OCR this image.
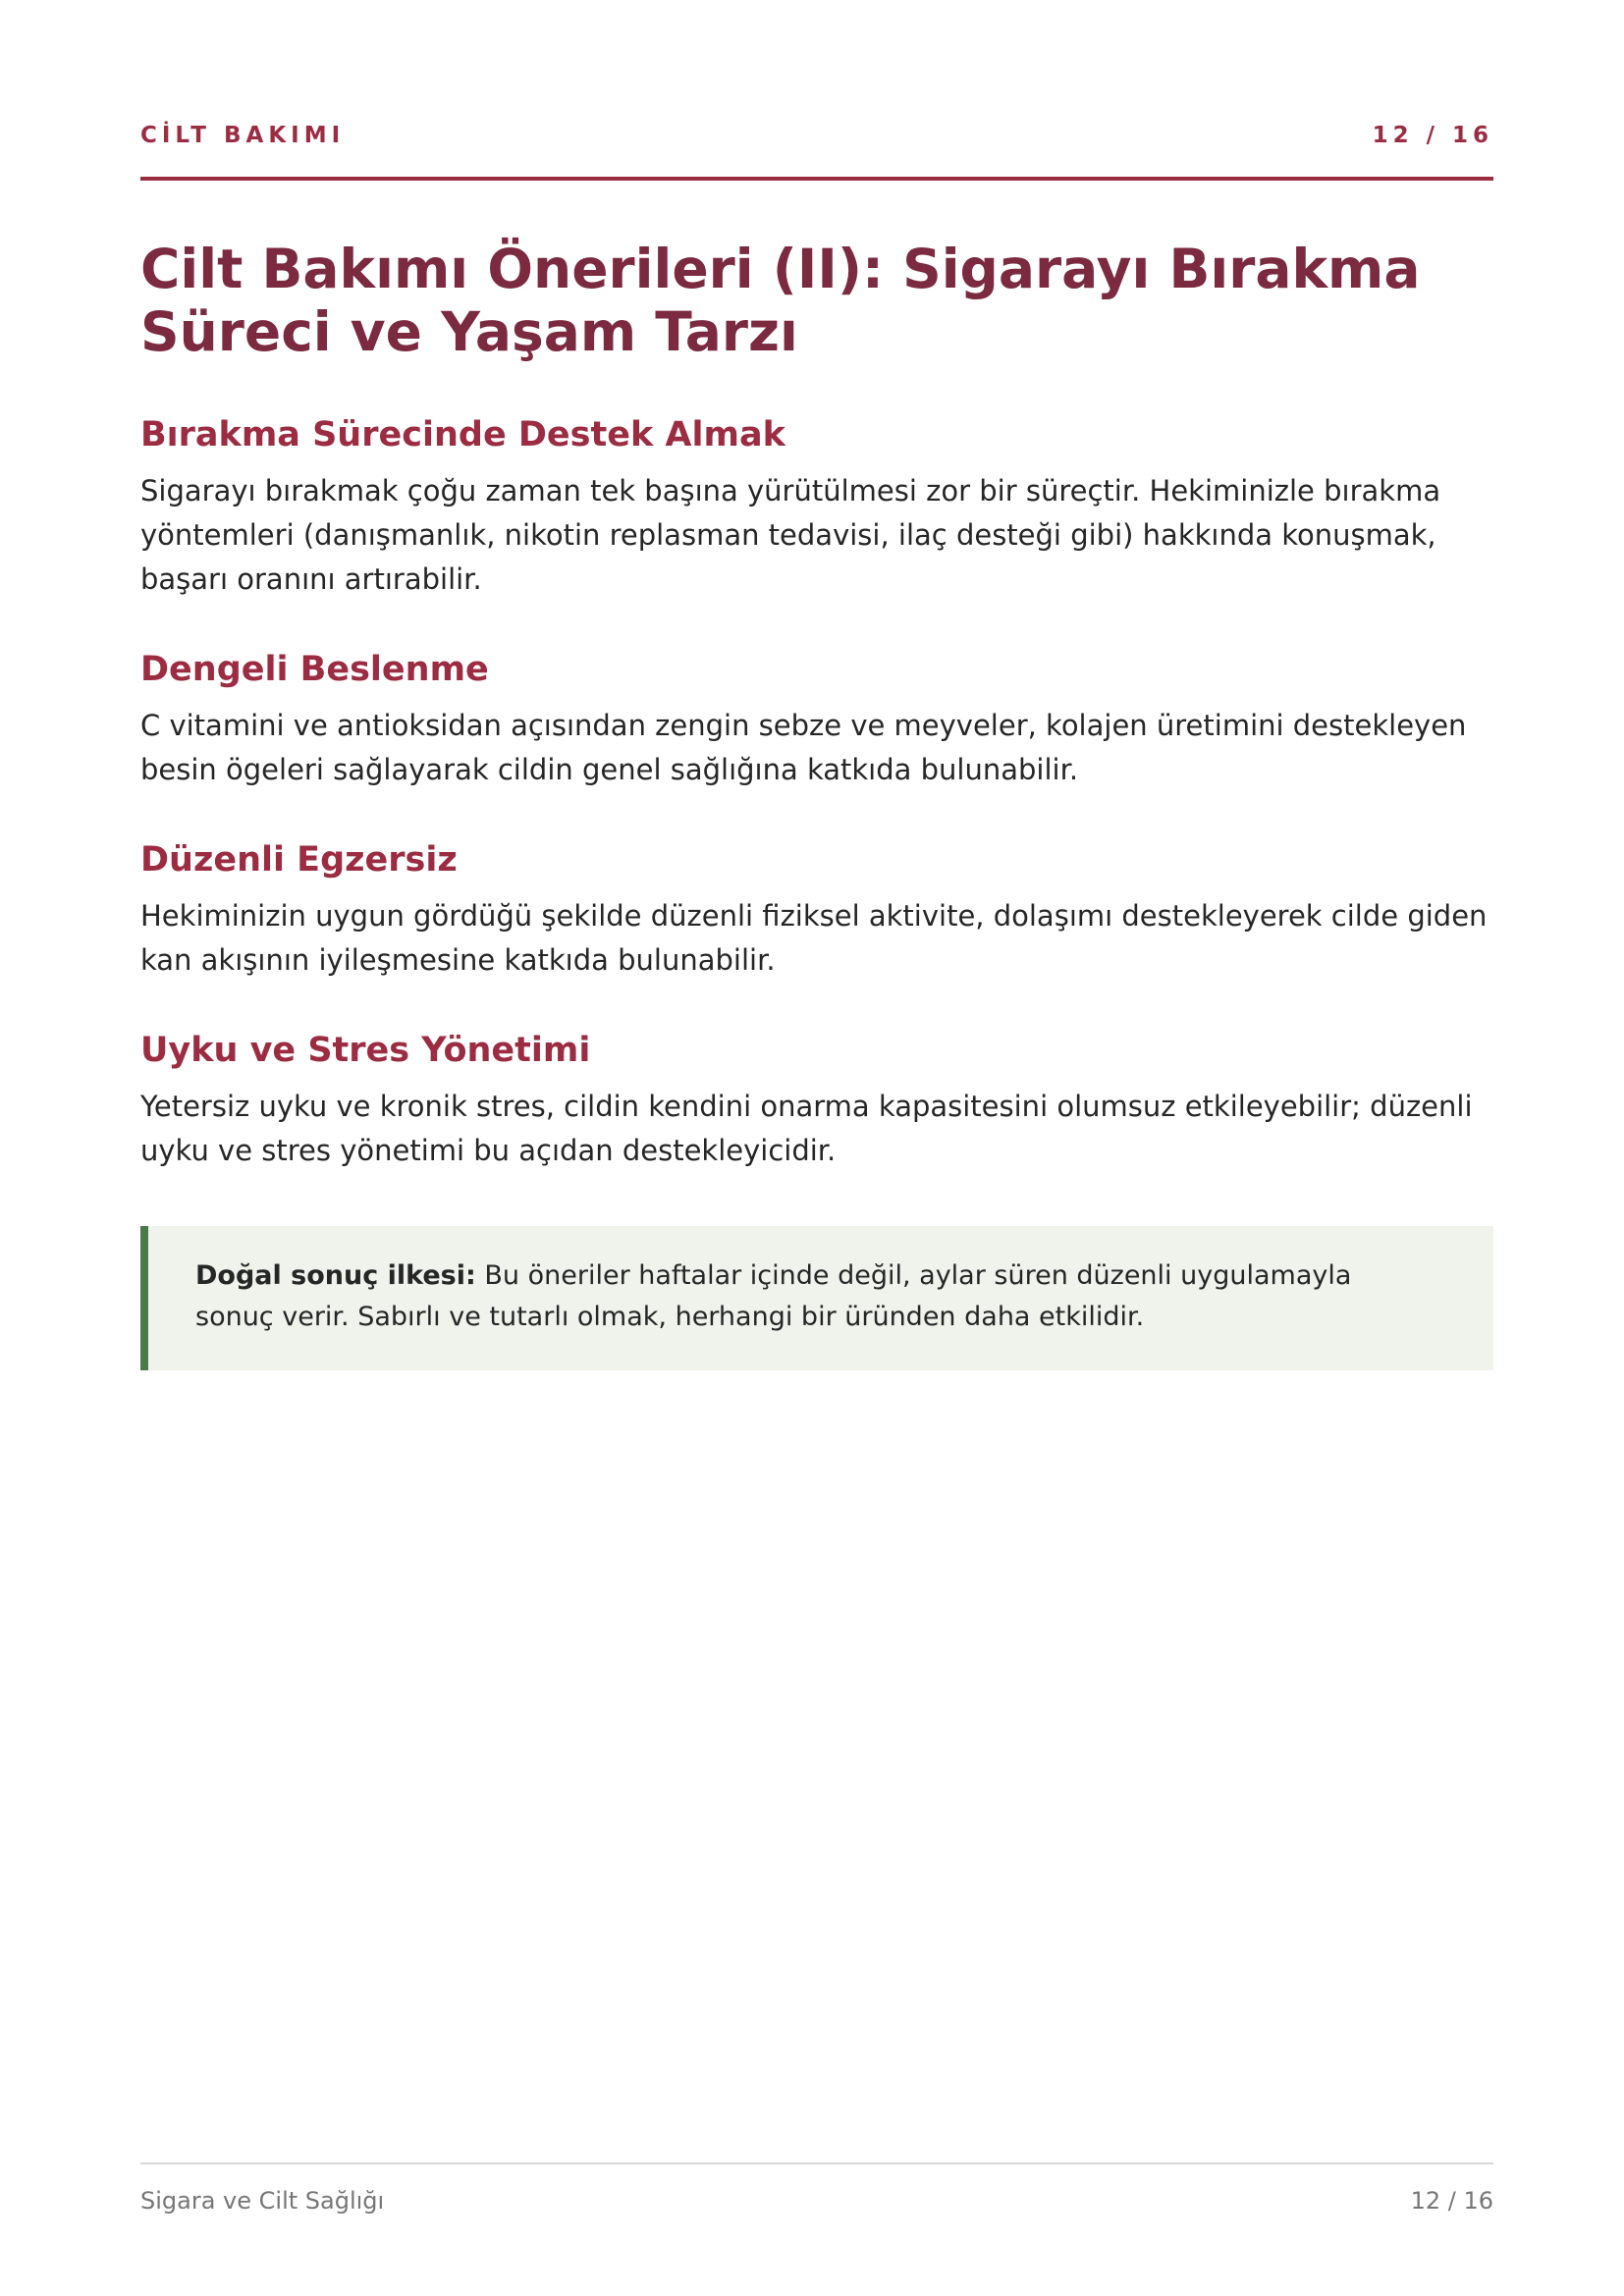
CİLT BAKIMI	12 / 16
Cilt Bakımı Önerileri (II): Sigarayı Bırakma Süreci ve Yaşam Tarzı
Bırakma Sürecinde Destek Almak

Sigarayı bırakmak çoğu zaman tek başına yürütülmesi zor bir süreçtir. Hekiminizle bırakma yöntemleri (danışmanlık, nikotin replasman tedavisi, ilaç desteği gibi) hakkında konuşmak, başarı oranını artırabilir.

Dengeli Beslenme

C vitamini ve antioksidan açısından zengin sebze ve meyveler, kolajen üretimini destekleyen besin ögeleri sağlayarak cildin genel sağlığına katkıda bulunabilir.

Düzenli Egzersiz

Hekiminizin uygun gördüğü şekilde düzenli fiziksel aktivite, dolaşımı destekleyerek cilde giden kan akışının iyileşmesine katkıda bulunabilir.

Uyku ve Stres Yönetimi

Yetersiz uyku ve kronik stres, cildin kendini onarma kapasitesini olumsuz etkileyebilir; düzenli uyku ve stres yönetimi bu açıdan destekleyicidir.

Doğal sonuç ilkesi: Bu öneriler haftalar içinde değil, aylar süren düzenli uygulamayla sonuç verir. Sabırlı ve tutarlı olmak, herhangi bir üründen daha etkilidir.

Sigara ve Cilt Sağlığı	12 / 16
